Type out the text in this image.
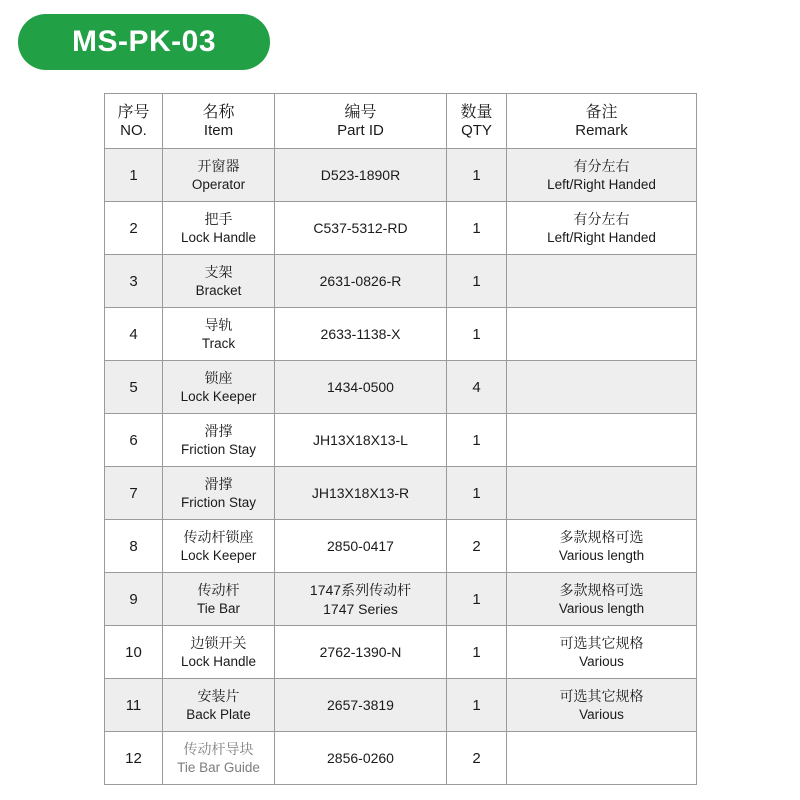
MS-PK-03
序号
NO.	名称
Item	编号
Part ID	数量
QTY	备注
Remark

1	开窗器
Operator	D523-1890R	1	有分左右
Left/Right Handed

2	把手
Lock Handle	C537-5312-RD	1	有分左右
Left/Right Handed

3	支架
Bracket	2631-0826-R	1	

4	导轨
Track	2633-1138-X	1	

5	锁座
Lock Keeper	1434-0500	4	

6	滑撑
Friction Stay	JH13X18X13-L	1	

7	滑撑
Friction Stay	JH13X18X13-R	1	

8	传动杆锁座
Lock Keeper	2850-0417	2	多款规格可选
Various length

9	传动杆
Tie Bar	1747系列传动杆
1747 Series	1	多款规格可选
Various length

10	边锁开关
Lock Handle	2762-1390-N	1	可选其它规格
Various

11	安装片
Back Plate	2657-3819	1	可选其它规格
Various

12	传动杆导块
Tie Bar Guide	2856-0260	2	
